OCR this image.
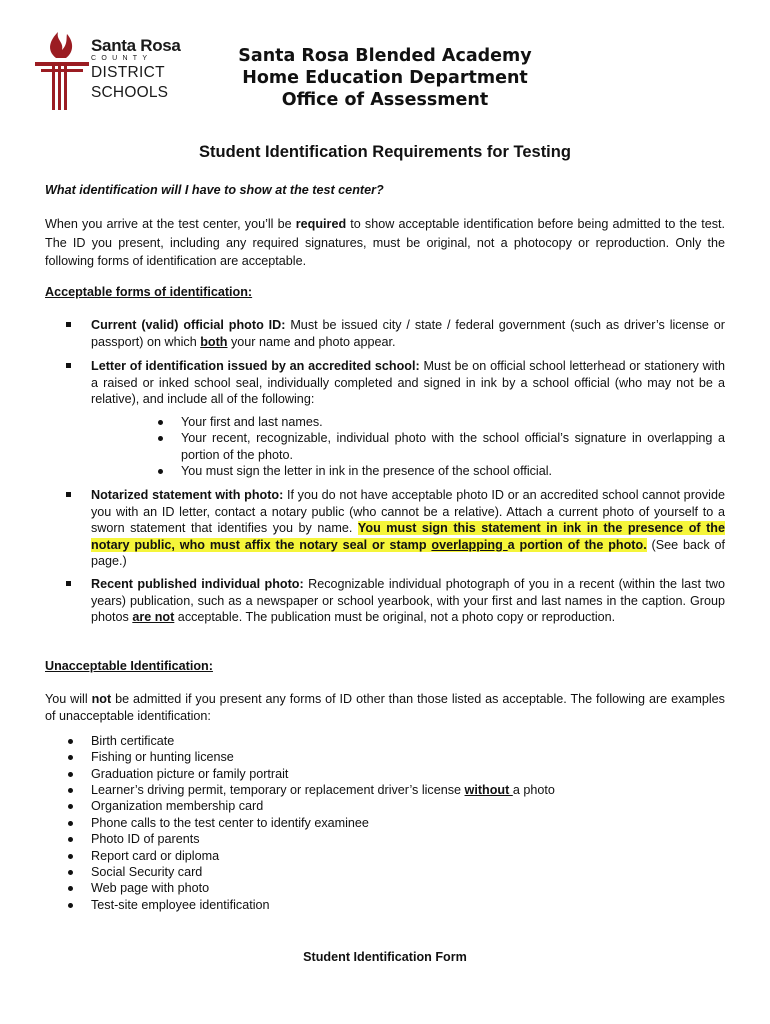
Santa Rosa
COUNTY
DISTRICT
SCHOOLS
Santa Rosa Blended Academy
Home Education Department
Office of Assessment
Student Identification Requirements for Testing
What identification will I have to show at the test center?
When you arrive at the test center, you’ll be required to show acceptable identification before being admitted to the test. The ID you present, including any required signatures, must be original, not a photocopy or reproduction. Only the following forms of identification are acceptable.
Acceptable forms of identification:
Current (valid) official photo ID: Must be issued city / state / federal government (such as driver’s license or passport) on which both your name and photo appear.
Letter of identification issued by an accredited school: Must be on official school letterhead or stationery with a raised or inked school seal, individually completed and signed in ink by a school official (who may not be a relative), and include all of the following:
Your first and last names.
Your recent, recognizable, individual photo with the school official’s signature in overlapping a portion of the photo.
You must sign the letter in ink in the presence of the school official.
Notarized statement with photo: If you do not have acceptable photo ID or an accredited school cannot provide you with an ID letter, contact a notary public (who cannot be a relative). Attach a current photo of yourself to a sworn statement that identifies you by name. You must sign this statement in ink in the presence of the notary public, who must affix the notary seal or stamp overlapping a portion of the photo. (See back of page.)
Recent published individual photo: Recognizable individual photograph of you in a recent (within the last two years) publication, such as a newspaper or school yearbook, with your first and last names in the caption. Group photos are not acceptable. The publication must be original, not a photo copy or reproduction.
Unacceptable Identification:
You will not be admitted if you present any forms of ID other than those listed as acceptable. The following are examples of unacceptable identification:
Birth certificate
Fishing or hunting license
Graduation picture or family portrait
Learner’s driving permit, temporary or replacement driver’s license without a photo
Organization membership card
Phone calls to the test center to identify examinee
Photo ID of parents
Report card or diploma
Social Security card
Web page with photo
Test-site employee identification
Student Identification Form
